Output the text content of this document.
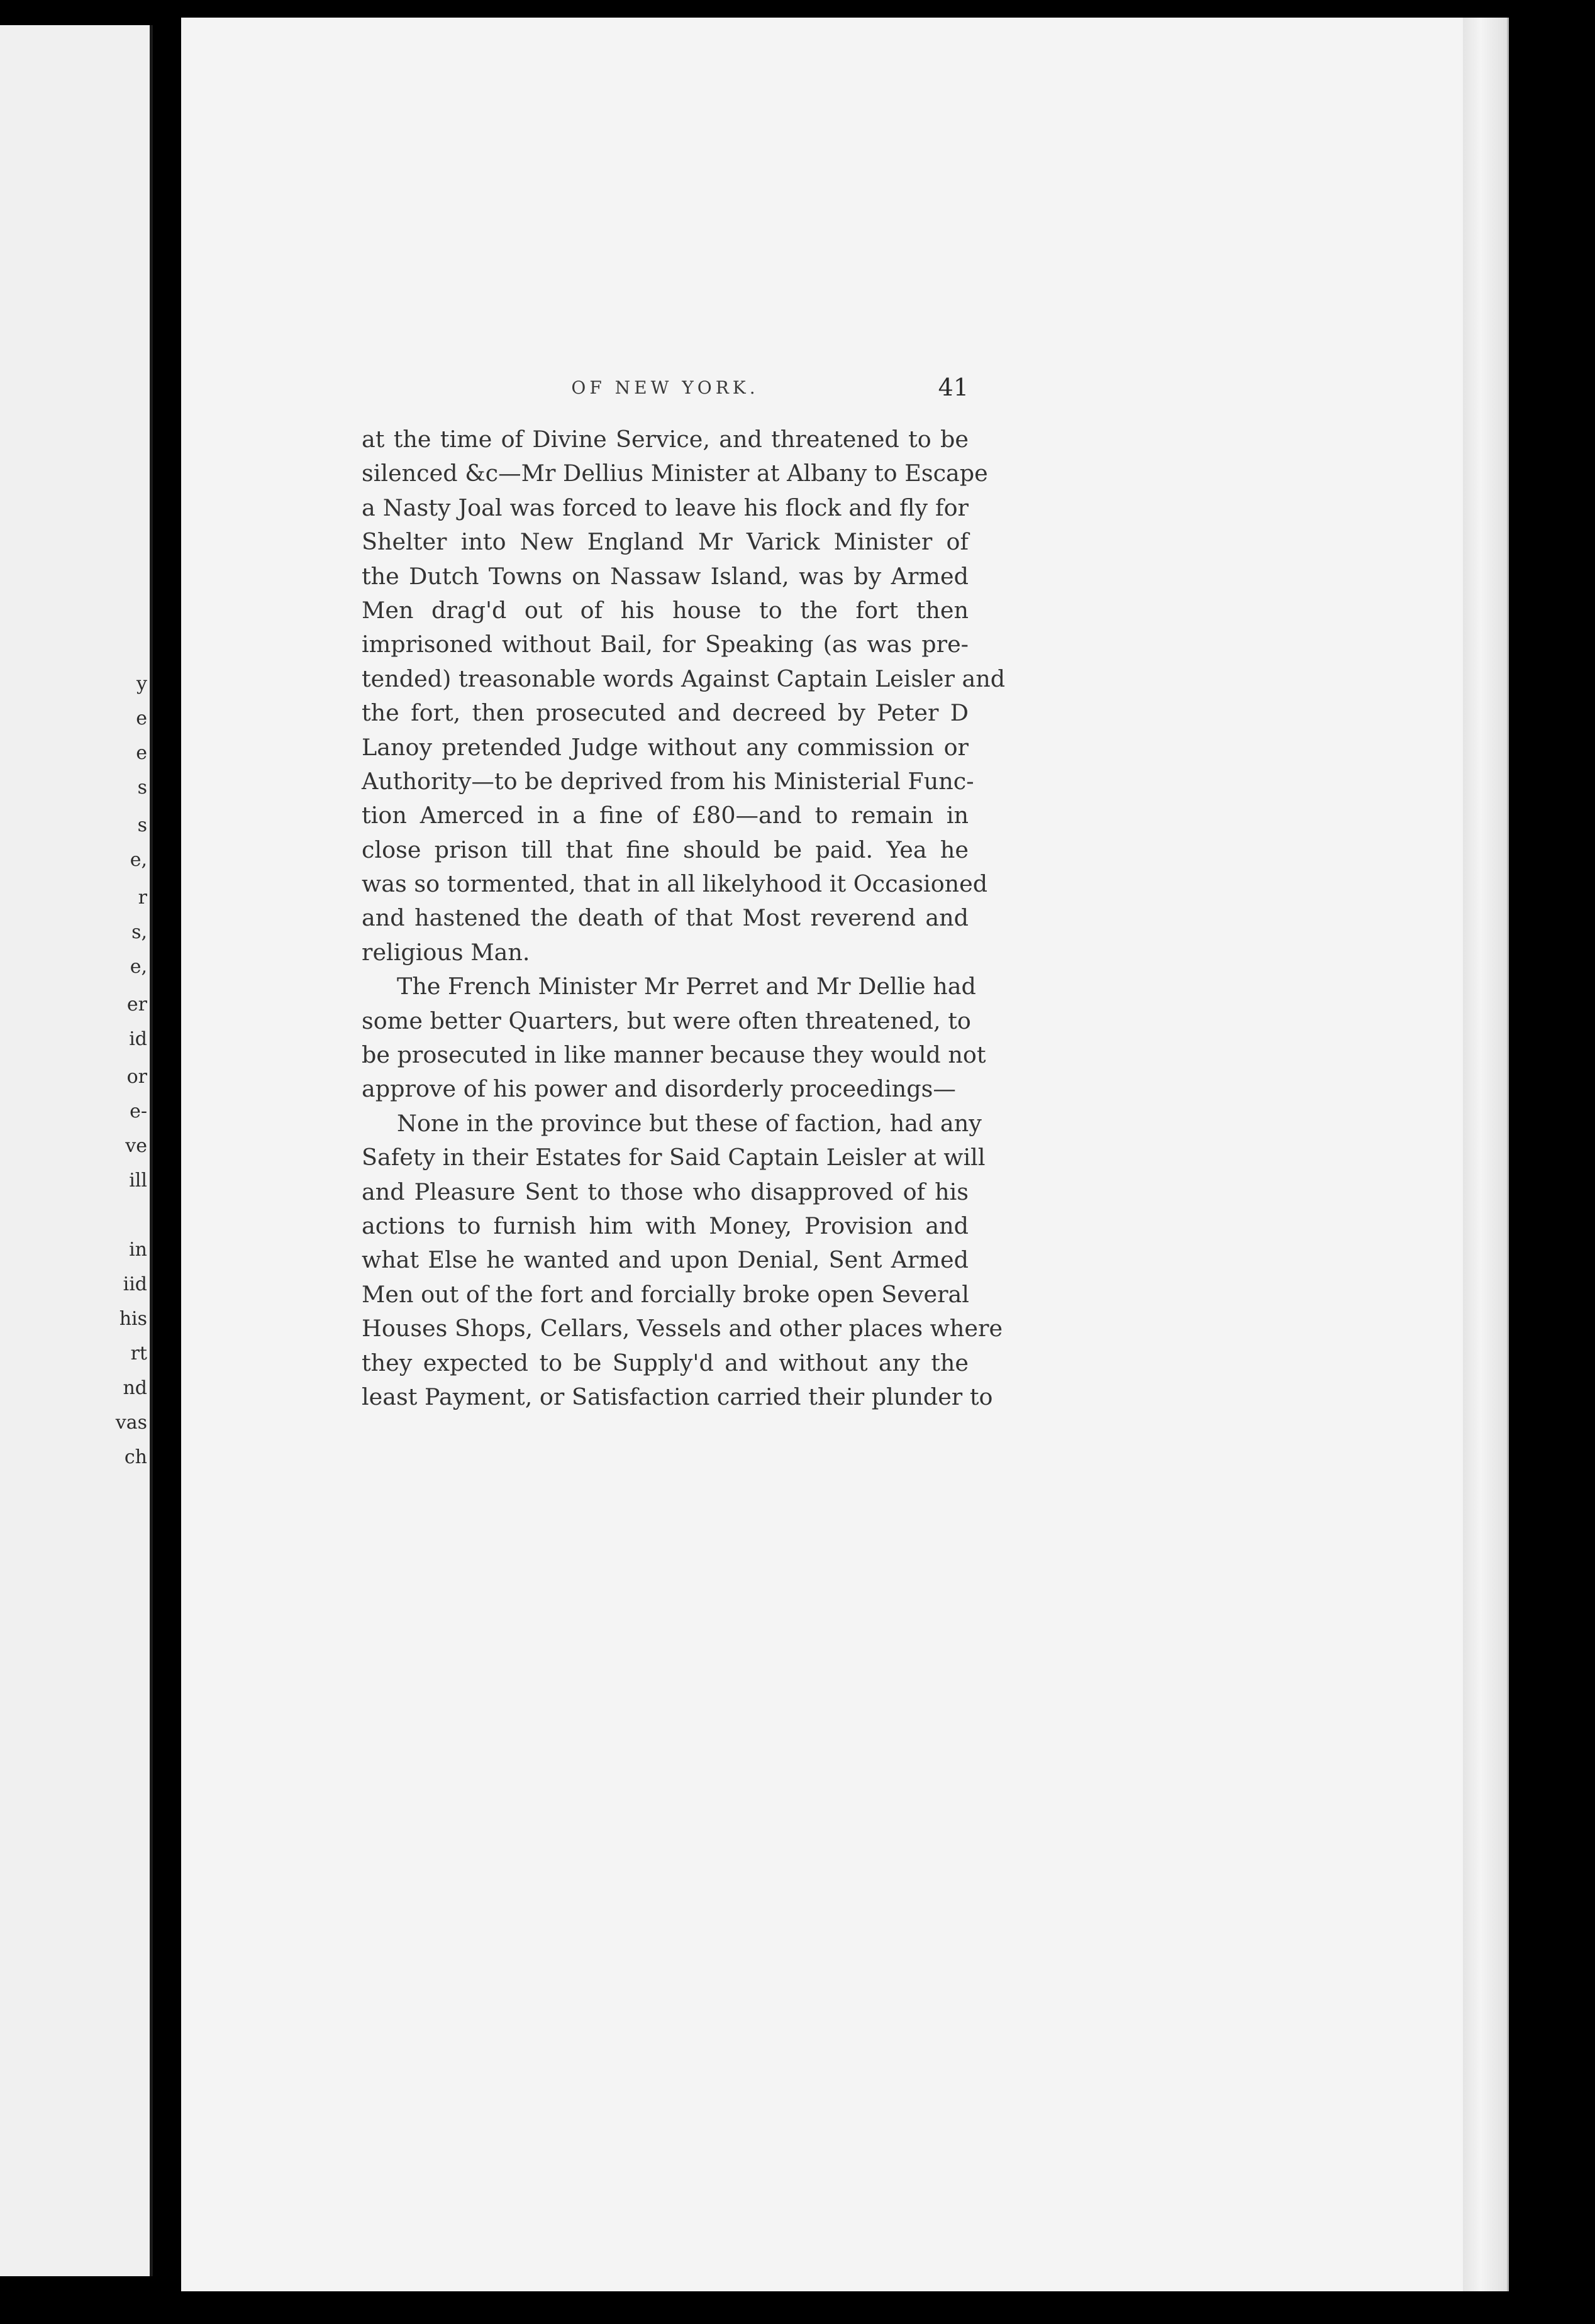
y
e
e
s
s
e,
r
s,
e,
er
id
or
e-
ve
ill
in
iid
his
rt
nd
vas
ch
OF NEW YORK.	41
at the time of Divine Service, and threatened to be
silenced &c—Mr Dellius Minister at Albany to Escape
a Nasty Joal was forced to leave his flock and fly for
Shelter into New England Mr Varick Minister of
the Dutch Towns on Nassaw Island, was by Armed
Men drag'd out of his house to the fort then
imprisoned without Bail, for Speaking (as was pre-
tended) treasonable words Against Captain Leisler and
the fort, then prosecuted and decreed by Peter D
Lanoy pretended Judge without any commission or
Authority—to be deprived from his Ministerial Func-
tion Amerced in a fine of £80—and to remain in
close prison till that fine should be paid. Yea he
was so tormented, that in all likelyhood it Occasioned
and hastened the death of that Most reverend and
religious Man.
The French Minister Mr Perret and Mr Dellie had
some better Quarters, but were often threatened, to
be prosecuted in like manner because they would not
approve of his power and disorderly proceedings—
None in the province but these of faction, had any
Safety in their Estates for Said Captain Leisler at will
and Pleasure Sent to those who disapproved of his
actions to furnish him with Money, Provision and
what Else he wanted and upon Denial, Sent Armed
Men out of the fort and forcially broke open Several
Houses Shops, Cellars, Vessels and other places where
they expected to be Supply'd and without any the
least Payment, or Satisfaction carried their plunder to
